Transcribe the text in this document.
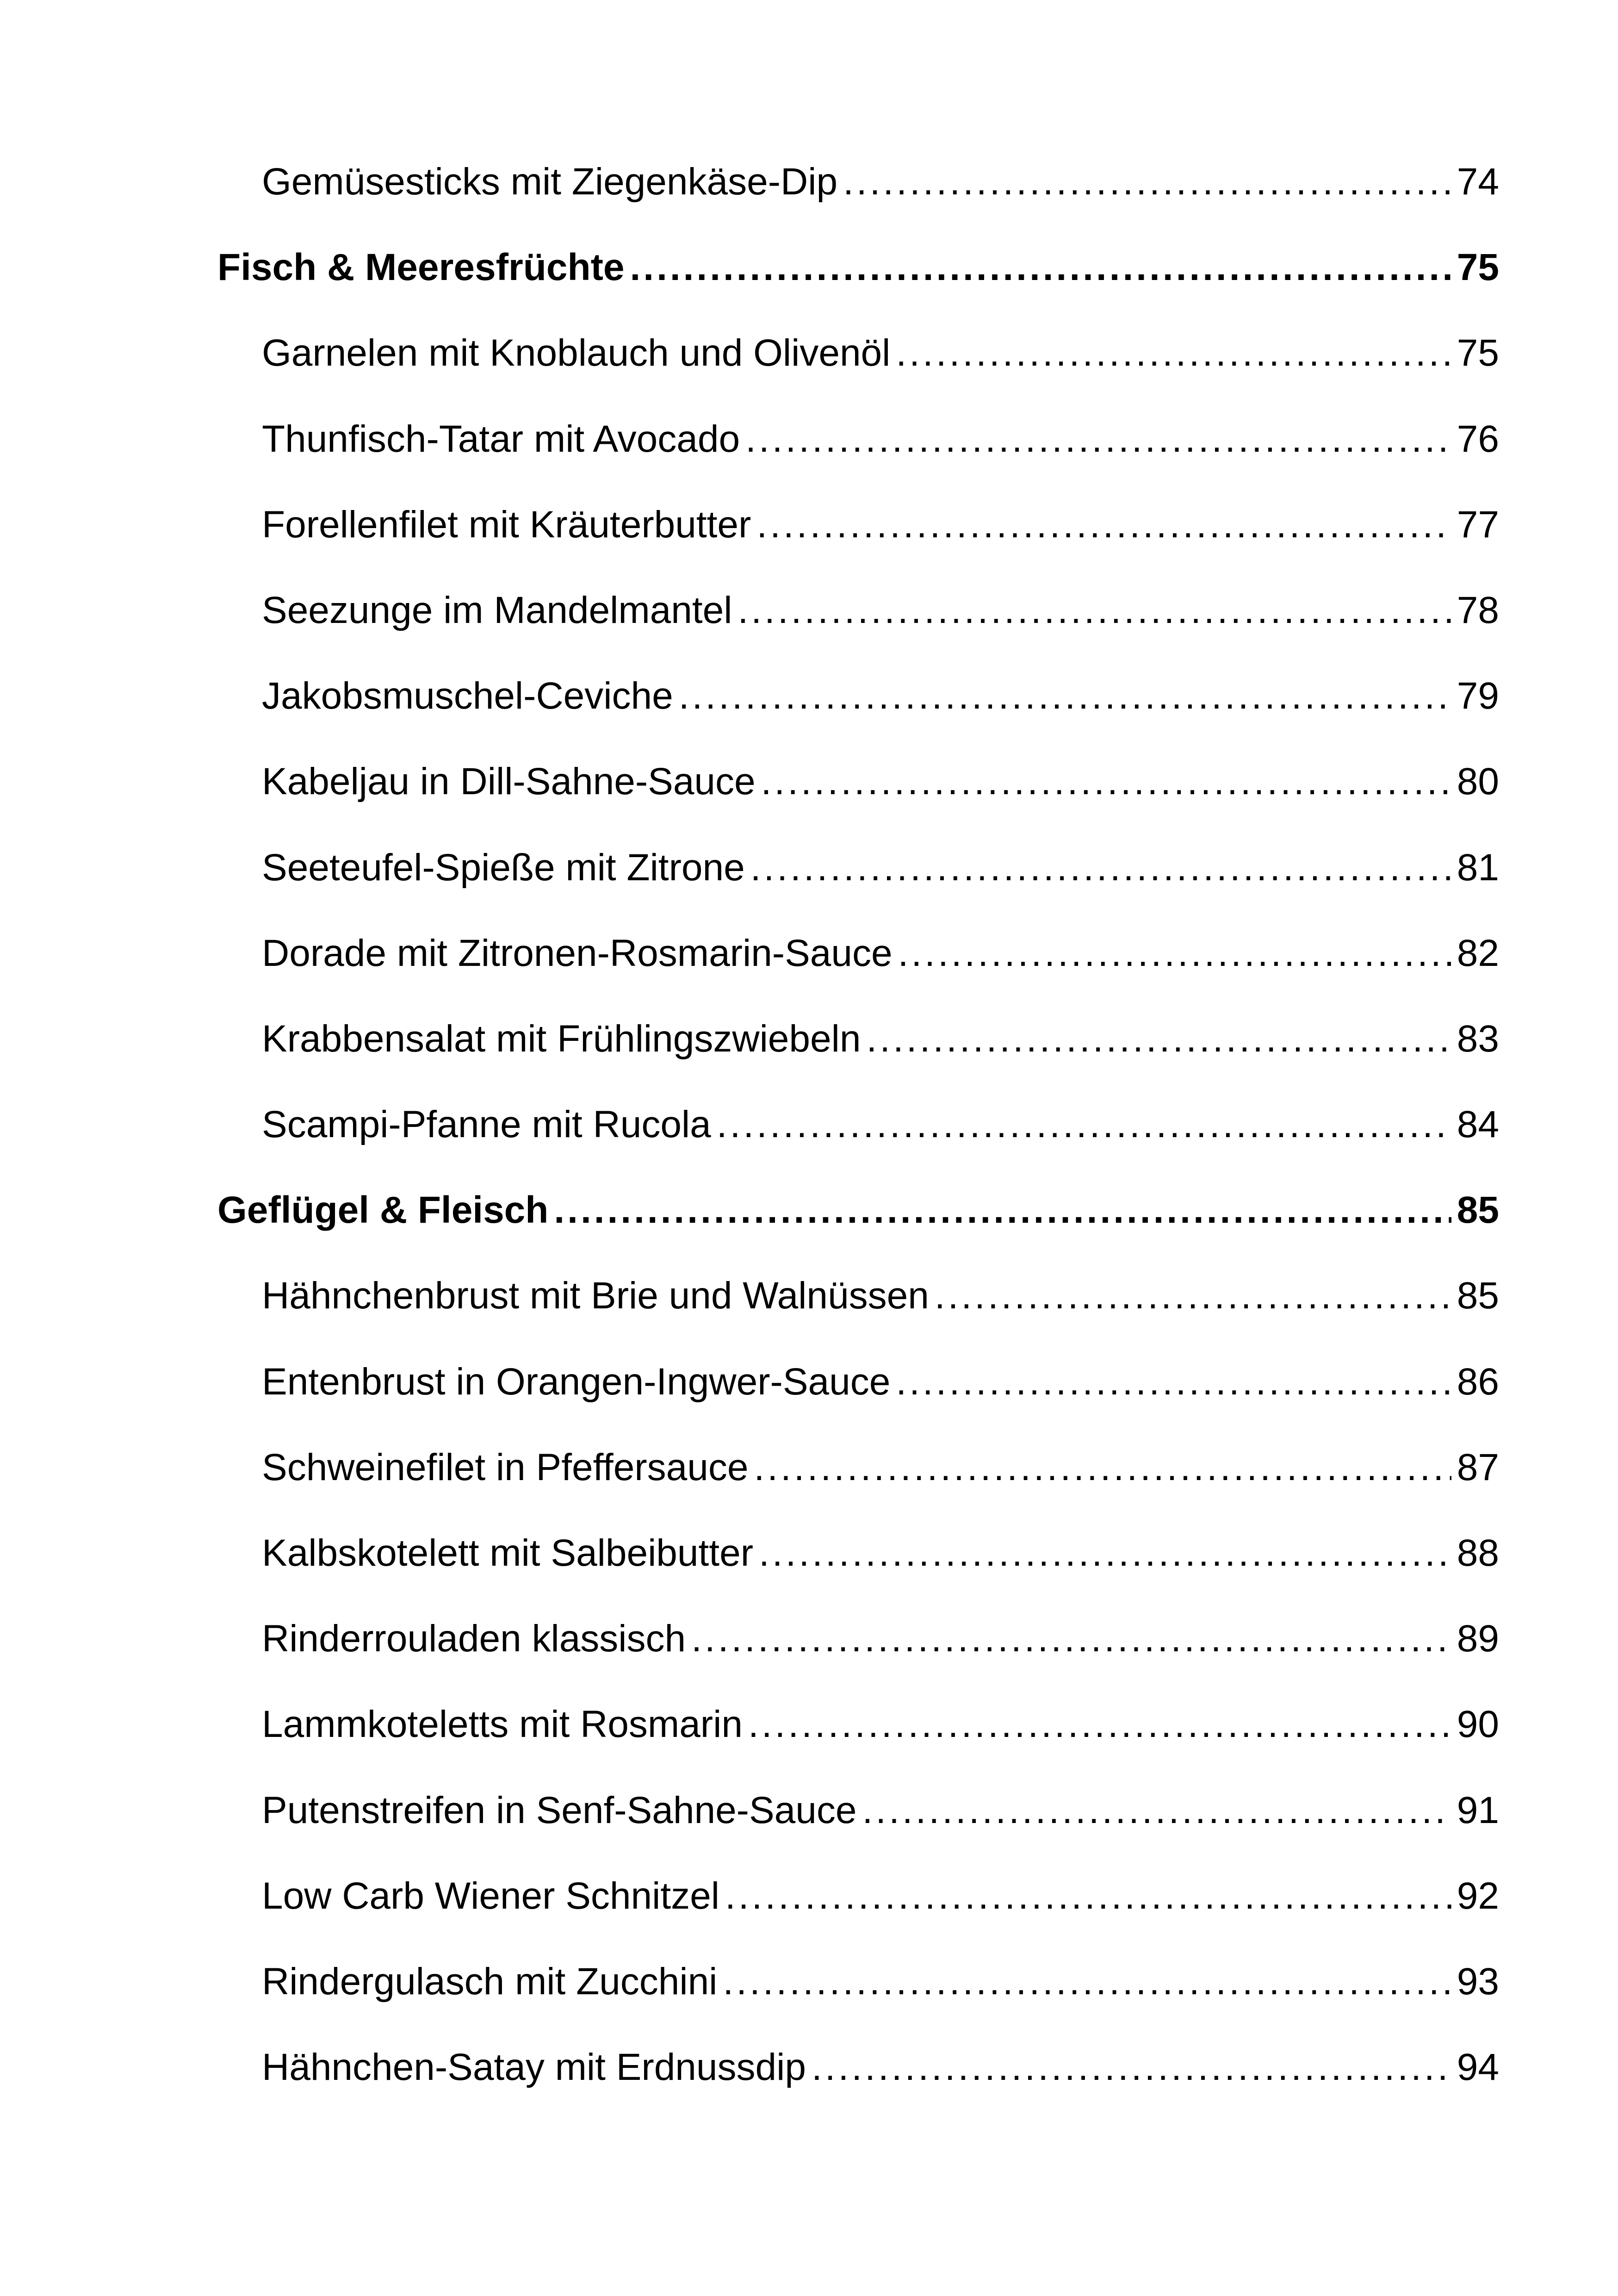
Gemüsesticks mit Ziegenkäse-Dip .....	74
Fisch & Meeresfrüchte .....	75
Garnelen mit Knoblauch und Olivenöl .....	75
Thunfisch-Tatar mit Avocado .....	76
Forellenfilet mit Kräuterbutter .....	77
Seezunge im Mandelmantel .....	78
Jakobsmuschel-Ceviche .....	79
Kabeljau in Dill-Sahne-Sauce .....	80
Seeteufel-Spieße mit Zitrone .....	81
Dorade mit Zitronen-Rosmarin-Sauce .....	82
Krabbensalat mit Frühlingszwiebeln .....	83
Scampi-Pfanne mit Rucola .....	84
Geflügel & Fleisch .....	85
Hähnchenbrust mit Brie und Walnüssen .....	85
Entenbrust in Orangen-Ingwer-Sauce .....	86
Schweinefilet in Pfeffersauce .....	87
Kalbskotelett mit Salbeibutter .....	88
Rinderrouladen klassisch .....	89
Lammkoteletts mit Rosmarin .....	90
Putenstreifen in Senf-Sahne-Sauce .....	91
Low Carb Wiener Schnitzel .....	92
Rindergulasch mit Zucchini .....	93
Hähnchen-Satay mit Erdnussdip .....	94
